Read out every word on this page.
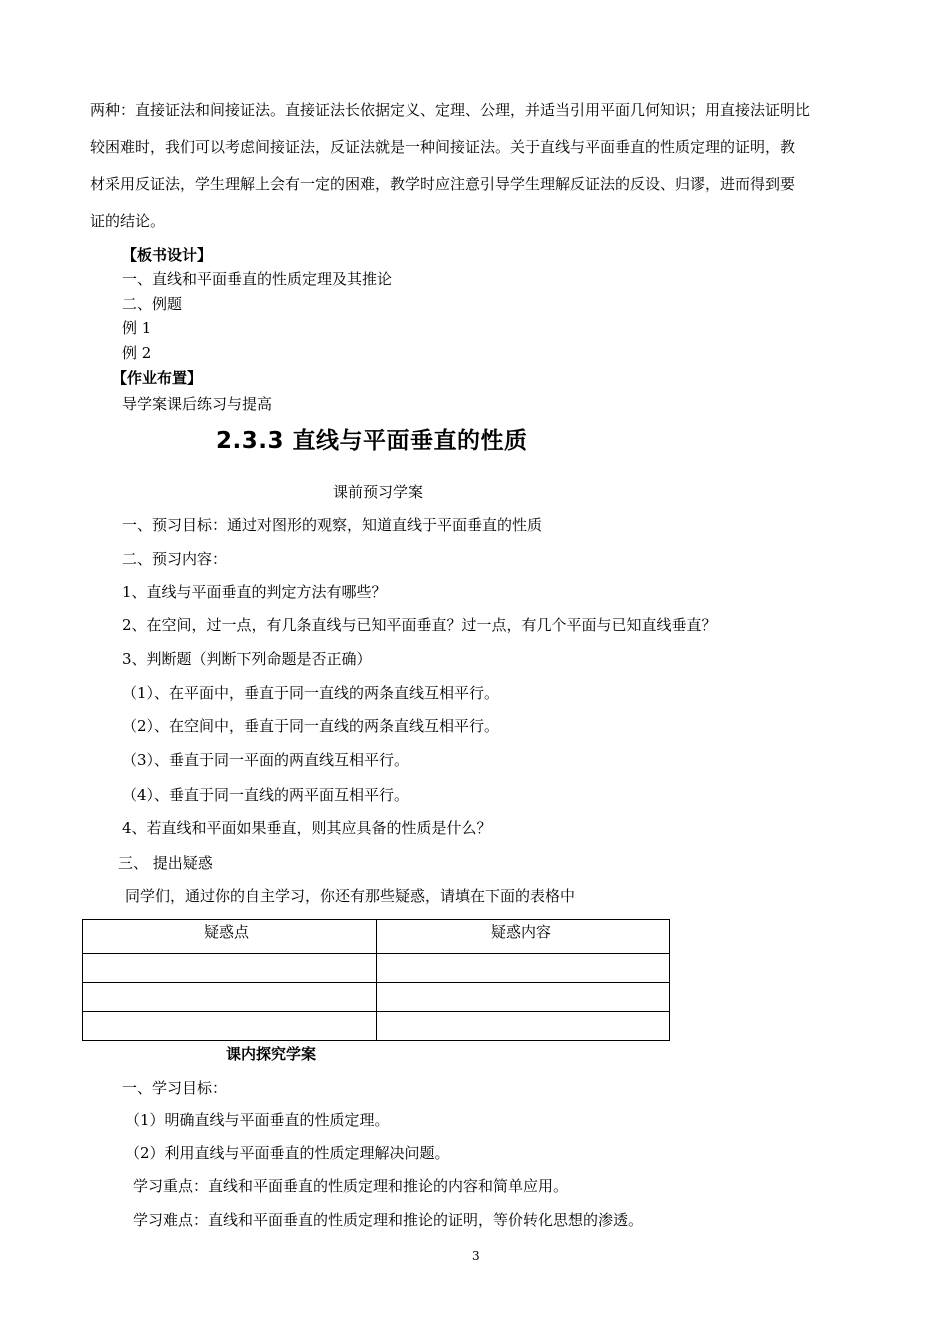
两种：直接证法和间接证法。直接证法长依据定义、定理、公理，并适当引用平面几何知识；用直接法证明比
较困难时，我们可以考虑间接证法，反证法就是一种间接证法。关于直线与平面垂直的性质定理的证明，教
材采用反证法，学生理解上会有一定的困难，教学时应注意引导学生理解反证法的反设、归谬，进而得到要
证的结论。
【板书设计】
一、直线和平面垂直的性质定理及其推论
二、例题
例 1
例 2
【作业布置】
导学案课后练习与提高
2.3.3 直线与平面垂直的性质
课前预习学案
一、预习目标：通过对图形的观察，知道直线于平面垂直的性质
二、预习内容：
1、直线与平面垂直的判定方法有哪些？
2、在空间，过一点，有几条直线与已知平面垂直？过一点，有几个平面与已知直线垂直？
3、判断题（判断下列命题是否正确）
（1）、在平面中，垂直于同一直线的两条直线互相平行。
（2）、在空间中，垂直于同一直线的两条直线互相平行。
（3）、垂直于同一平面的两直线互相平行。
（4）、垂直于同一直线的两平面互相平行。
4、若直线和平面如果垂直，则其应具备的性质是什么？
三、 提出疑惑
同学们，通过你的自主学习，你还有那些疑惑，请填在下面的表格中
疑惑点	疑惑内容
课内探究学案
一、学习目标：
（1）明确直线与平面垂直的性质定理。
（2）利用直线与平面垂直的性质定理解决问题。
学习重点：直线和平面垂直的性质定理和推论的内容和简单应用。
学习难点：直线和平面垂直的性质定理和推论的证明，等价转化思想的渗透。
3
